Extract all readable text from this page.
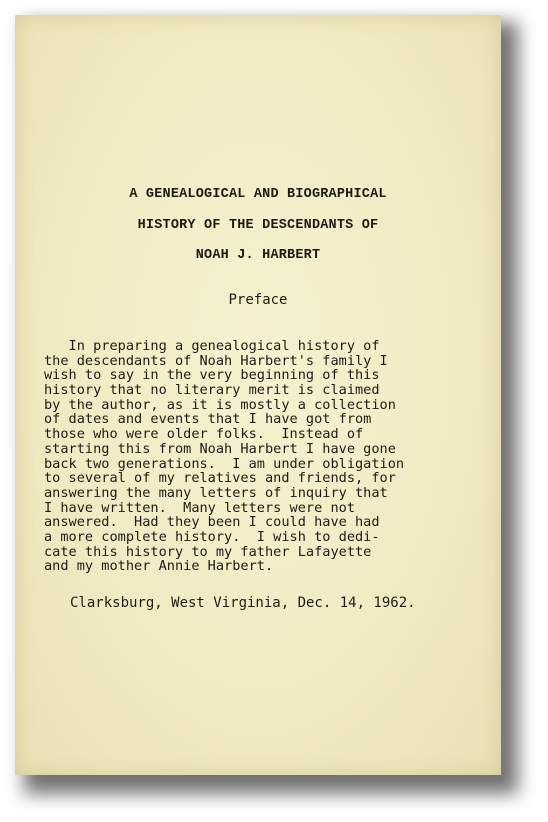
A GENEALOGICAL AND BIOGRAPHICAL
HISTORY OF THE DESCENDANTS OF
NOAH J. HARBERT
Preface
In preparing a genealogical history of
the descendants of Noah Harbert's family I
wish to say in the very beginning of this
history that no literary merit is claimed
by the author, as it is mostly a collection
of dates and events that I have got from
those who were older folks.  Instead of
starting this from Noah Harbert I have gone
back two generations.  I am under obligation
to several of my relatives and friends, for
answering the many letters of inquiry that
I have written.  Many letters were not
answered.  Had they been I could have had
a more complete history.  I wish to dedi-
cate this history to my father Lafayette
and my mother Annie Harbert.
Clarksburg, West Virginia, Dec. 14, 1962.
